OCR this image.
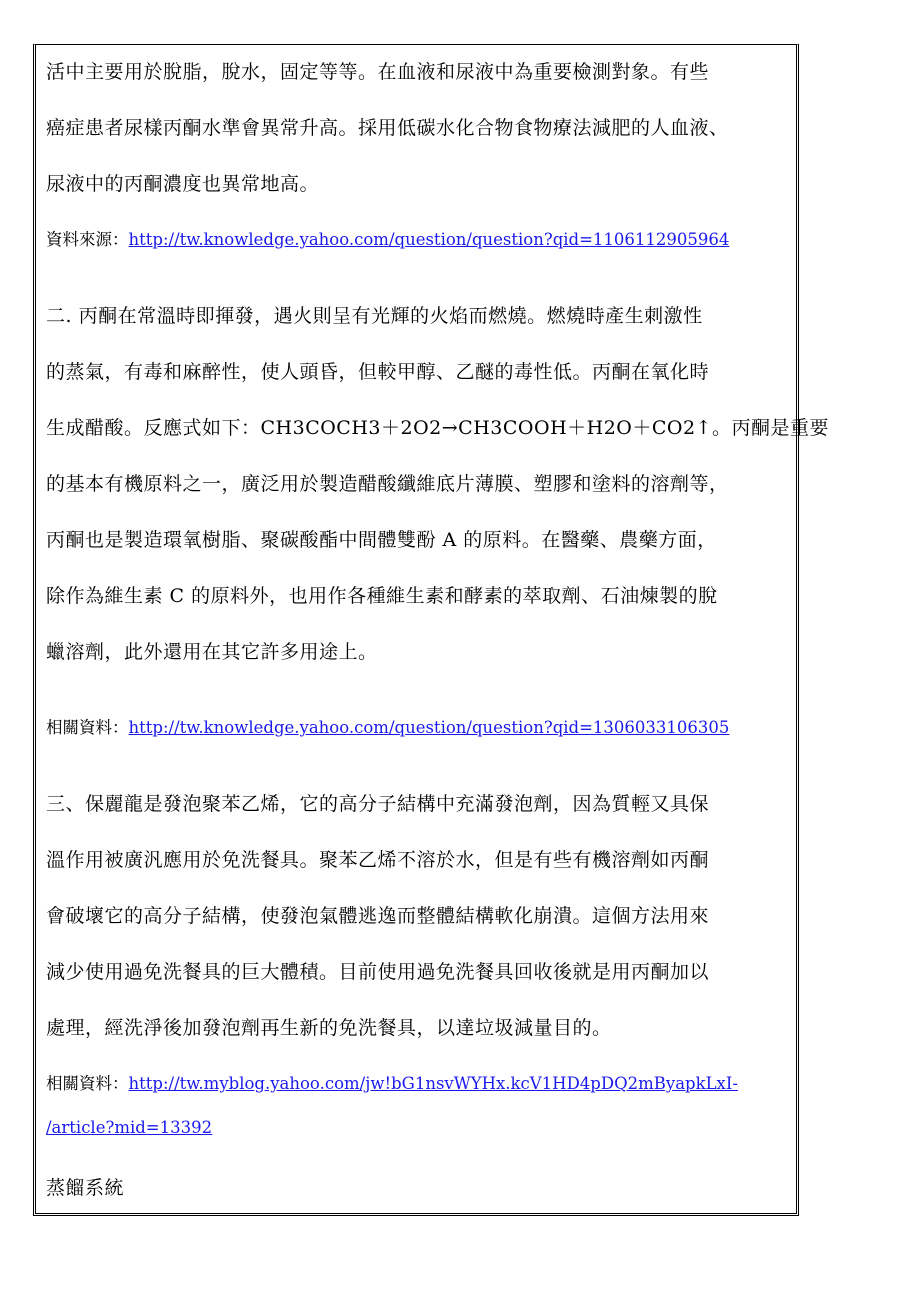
活中主要用於脫脂，脫水，固定等等。在血液和尿液中為重要檢測對象。有些
癌症患者尿樣丙酮水準會異常升高。採用低碳水化合物食物療法減肥的人血液、
尿液中的丙酮濃度也異常地高。
資料來源：http://tw.knowledge.yahoo.com/question/question?qid=1106112905964
二. 丙酮在常溫時即揮發，遇火則呈有光輝的火焰而燃燒。燃燒時產生刺激性
的蒸氣，有毒和麻醉性，使人頭昏，但較甲醇、乙醚的毒性低。丙酮在氧化時
生成醋酸。反應式如下：CH3COCH3＋2O2→CH3COOH＋H2O＋CO2↑。丙酮是重要
的基本有機原料之一，廣泛用於製造醋酸纖維底片薄膜、塑膠和塗料的溶劑等，
丙酮也是製造環氧樹脂、聚碳酸酯中間體雙酚 A 的原料。在醫藥、農藥方面，
除作為維生素 C 的原料外，也用作各種維生素和酵素的萃取劑、石油煉製的脫
蠟溶劑，此外還用在其它許多用途上。
相關資料：http://tw.knowledge.yahoo.com/question/question?qid=1306033106305
三、保麗龍是發泡聚苯乙烯，它的高分子結構中充滿發泡劑，因為質輕又具保
溫作用被廣汎應用於免洗餐具。聚苯乙烯不溶於水，但是有些有機溶劑如丙酮
會破壞它的高分子結構，使發泡氣體逃逸而整體結構軟化崩潰。這個方法用來
減少使用過免洗餐具的巨大體積。目前使用過免洗餐具回收後就是用丙酮加以
處理，經洗淨後加發泡劑再生新的免洗餐具，以達垃圾減量目的。
相關資料：http://tw.myblog.yahoo.com/jw!bG1nsvWYHx.kcV1HD4pDQ2mByapkLxI-
/article?mid=13392
蒸餾系統
